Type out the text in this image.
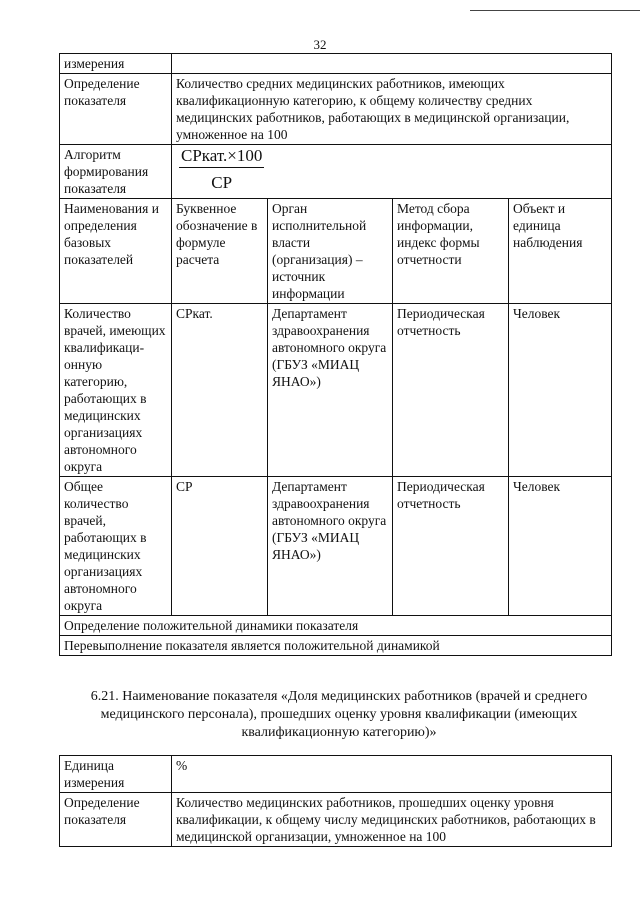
32
измерения				
Определение показателя	Количество средних медицинских работников, имеющих квалификационную категорию, к общему количеству средних медицинских работников, работающих в медицинской организации, умноженное на 100			
Алгоритм формирования показателя	$\frac{\text{СРкат.×100}}{СР}$

Наименования и определения базовых показателей	Буквенное обозначение в формуле расчета	Орган исполнительной власти (организация) – источник информации	Метод сбора информации, индекс формы отчетности	Объект и единица наблюдения
Количество врачей, имеющих квалификаци-онную категорию, работающих в медицинских организациях автономного округа	СРкат.	Департамент здравоохранения автономного округа (ГБУЗ «МИАЦ ЯНАО»)	Периодическая отчетность	Человек
Общее количество врачей, работающих в медицинских организациях автономного округа	СР	Департамент здравоохранения автономного округа (ГБУЗ «МИАЦ ЯНАО»)	Периодическая отчетность	Человек
Определение положительной динамики показателя				
Перевыполнение показателя является положительной динамикой				
6.21. Наименование показателя «Доля медицинских работников (врачей и среднего медицинского персонала), прошедших оценку уровня квалификации (имеющих квалификационную категорию)»
Единица измерения	%
Определение показателя	Количество медицинских работников, прошедших оценку уровня квалификации, к общему числу медицинских работников, работающих в медицинской организации, умноженное на 100
